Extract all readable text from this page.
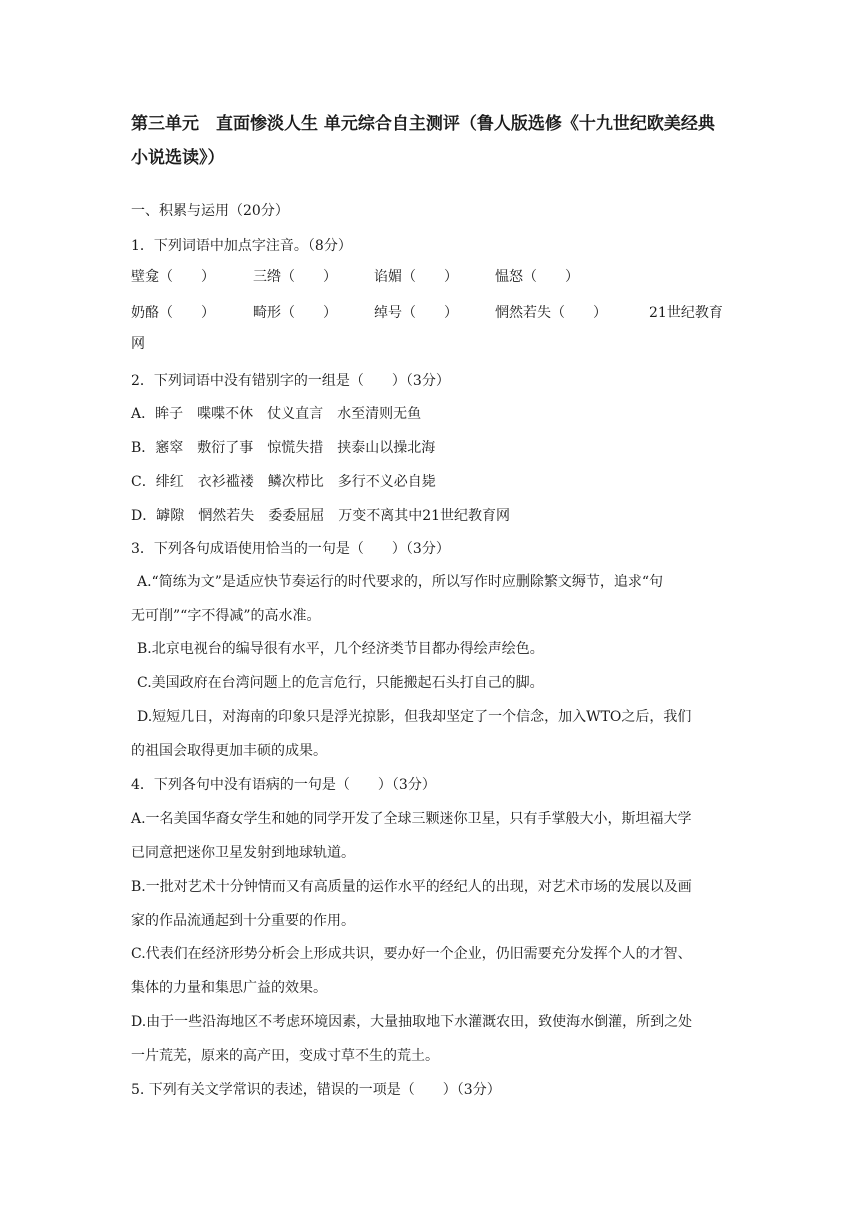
第三单元　直面惨淡人生 单元综合自主测评（鲁人版选修《十九世纪欧美经典
小说选读》）
一、积累与运用（20分）
1．下列词语中加点字注音。（8分）
壁龛（　　）	三绺（　　）	谄媚（　　）	愠怒（　　）
奶酪（　　）	畸形（　　）	绰号（　　）	惘然若失（　　）	21世纪教育
网
2．下列词语中没有错别字的一组是（　　）（3分）
A．眸子　喋喋不休　仗义直言　水至清则无鱼
B．窸窣　敷衍了事　惊慌失措　挟泰山以操北海
C．绯红　衣衫褴褛　鳞次栉比　多行不义必自毙
D．罅隙　惘然若失　委委屈屈　万变不离其中21世纪教育网
3．下列各句成语使用恰当的一句是（　　）（3分）
A.“简练为文”是适应快节奏运行的时代要求的，所以写作时应删除繁文缛节，追求“句
无可削”“字不得减”的高水准。
B.北京电视台的编导很有水平，几个经济类节目都办得绘声绘色。
C.美国政府在台湾问题上的危言危行，只能搬起石头打自己的脚。
D.短短几日，对海南的印象只是浮光掠影，但我却坚定了一个信念，加入WTO之后，我们
的祖国会取得更加丰硕的成果。
4．下列各句中没有语病的一句是（　　）（3分）
A.一名美国华裔女学生和她的同学开发了全球三颗迷你卫星，只有手掌般大小，斯坦福大学
已同意把迷你卫星发射到地球轨道。
B.一批对艺术十分钟情而又有高质量的运作水平的经纪人的出现，对艺术市场的发展以及画
家的作品流通起到十分重要的作用。
C.代表们在经济形势分析会上形成共识，要办好一个企业，仍旧需要充分发挥个人的才智、
集体的力量和集思广益的效果。
D.由于一些沿海地区不考虑环境因素，大量抽取地下水灌溉农田，致使海水倒灌，所到之处
一片荒芜，原来的高产田，变成寸草不生的荒土。
5. 下列有关文学常识的表述，错误的一项是（　　）（3分）
